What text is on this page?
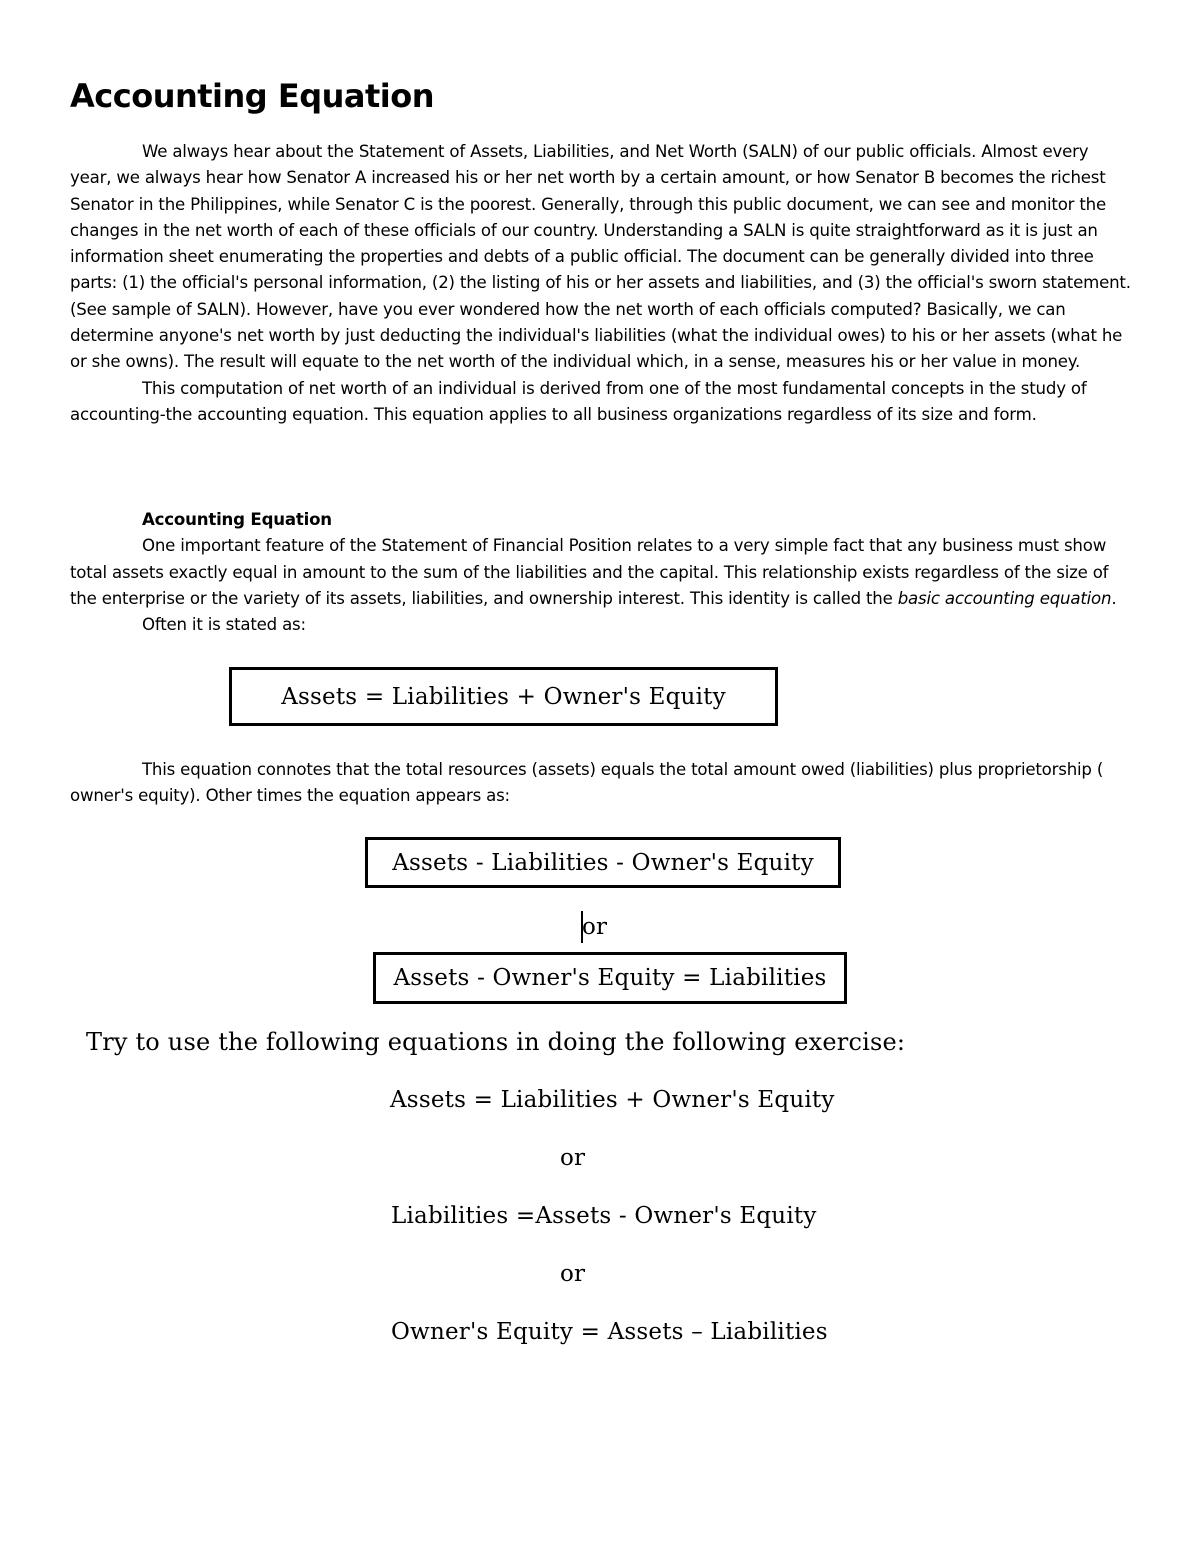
Accounting Equation

We always hear about the Statement of Assets, Liabilities, and Net Worth (SALN) of our public officials. Almost every year, we always hear how Senator A increased his or her net worth by a certain amount, or how Senator B becomes the richest Senator in the Philippines, while Senator C is the poorest. Generally, through this public document, we can see and monitor the changes in the net worth of each of these officials of our country. Understanding a SALN is quite straightforward as it is just an information sheet enumerating the properties and debts of a public official. The document can be generally divided into three parts: (1) the official's personal information, (2) the listing of his or her assets and liabilities, and (3) the official's sworn statement. (See sample of SALN). However, have you ever wondered how the net worth of each officials computed? Basically, we can determine anyone's net worth by just deducting the individual's liabilities (what the individual owes) to his or her assets (what he or she owns). The result will equate to the net worth of the individual which, in a sense, measures his or her value in money.

This computation of net worth of an individual is derived from one of the most fundamental concepts in the study of accounting-the accounting equation. This equation applies to all business organizations regardless of its size and form.

Accounting Equation

One important feature of the Statement of Financial Position relates to a very simple fact that any business must show total assets exactly equal in amount to the sum of the liabilities and the capital. This relationship exists regardless of the size of the enterprise or the variety of its assets, liabilities, and ownership interest. This identity is called the basic accounting equation.

Often it is stated as:
Assets = Liabilities + Owner's Equity

This equation connotes that the total resources (assets) equals the total amount owed (liabilities) plus proprietorship ( owner's equity). Other times the equation appears as:

Assets - Liabilities - Owner's Equity
or
Assets - Owner's Equity = Liabilities
Try to use the following equations in doing the following exercise:
Assets = Liabilities + Owner's Equity
or
Liabilities =Assets - Owner's Equity
or
Owner's Equity = Assets – Liabilities
